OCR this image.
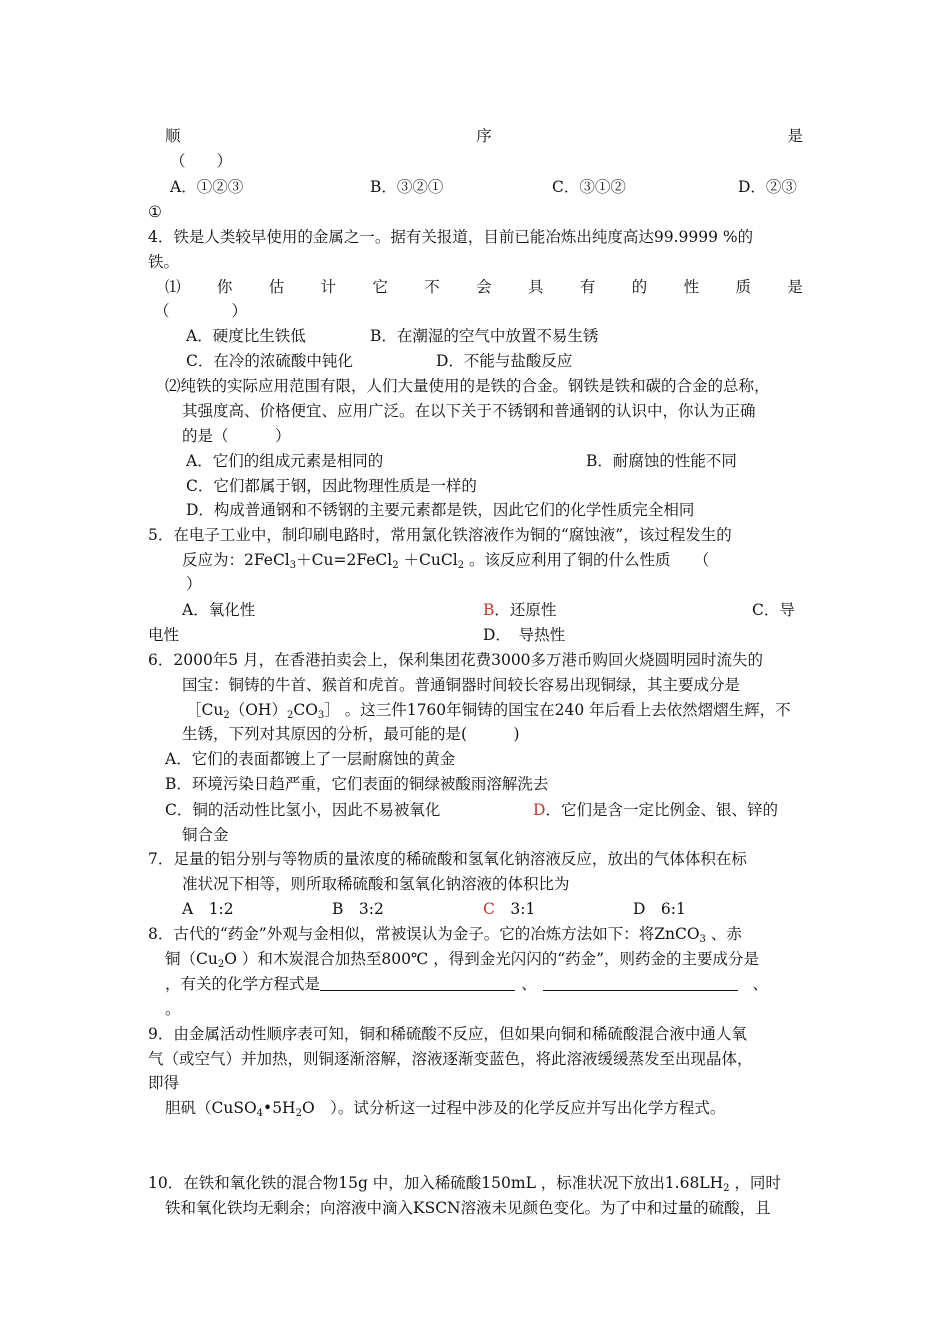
顺	序	是
（　　）
A．①②③	B．③②①	C．③①②	D．②③
①
4．铁是人类较早使用的金属之一。据有关报道，目前已能冶炼出纯度高达99.9999 %的
铁。
⑴ 你 估 计 它 不 会 具 有 的 性 质 是
（　　　　）
A．硬度比生铁低	B．在潮湿的空气中放置不易生锈
C．在冷的浓硫酸中钝化	D．不能与盐酸反应
⑵纯铁的实际应用范围有限，人们大量使用的是铁的合金。钢铁是铁和碳的合金的总称，
其强度高、价格便宜、应用广泛。在以下关于不锈钢和普通钢的认识中，你认为正确
的是（　　　）
A．它们的组成元素是相同的	B．耐腐蚀的性能不同
C．它们都属于钢，因此物理性质是一样的
D．构成普通钢和不锈钢的主要元素都是铁，因此它们的化学性质完全相同
5．在电子工业中，制印刷电路时，常用氯化铁溶液作为铜的“腐蚀液”，该过程发生的
反应为：2FeCl$_3$＋Cu=2FeCl$_2$ ＋CuCl$_2$ 。该反应利用了铜的什么性质　　（
）
A．氧化性	B．还原性	C．导
电性	D．　导热性
6．2000年5 月，在香港拍卖会上，保利集团花费3000多万港币购回火烧圆明园时流失的
国宝：铜铸的牛首、猴首和虎首。普通铜器时间较长容易出现铜绿，其主要成分是
$[Cu_2(OH)_2CO_3]$ 。这三件1760年铜铸的国宝在240 年后看上去依然熠熠生辉，不
生锈，下列对其原因的分析，最可能的是(　　　)
A．它们的表面都镀上了一层耐腐蚀的黄金
B．环境污染日趋严重，它们表面的铜绿被酸雨溶解洗去
C．铜的活动性比氢小，因此不易被氧化	D．它们是含一定比例金、银、锌的
铜合金
7．足量的铝分别与等物质的量浓度的稀硫酸和氢氧化钠溶液反应，放出的气体体积在标
准状况下相等，则所取稀硫酸和氢氧化钠溶液的体积比为
A　1:2	B　3:2	C　3:1	D　6:1
8．古代的“药金”外观与金相似，常被误认为金子。它的冶炼方法如下：将ZnCO$_3$ 、赤
铜（$Cu_2O$ ）和木炭混合加热至800℃ ，得到金光闪闪的“药金”，则药金的主要成分是
，有关的化学方程式是	、	、
。
9．由金属活动性顺序表可知，铜和稀硫酸不反应，但如果向铜和稀硫酸混合液中通人氧
气（或空气）并加热，则铜逐渐溶解，溶液逐渐变蓝色，将此溶液缓缓蒸发至出现晶体，
即得
胆矾（$CuSO_4•5H_2O$　）。试分析这一过程中涉及的化学反应并写出化学方程式。
10．在铁和氧化铁的混合物15g 中，加入稀硫酸150mL ，标准状况下放出$1.68LH_2$ ，同时
铁和氧化铁均无剩余；向溶液中滴入KSCN溶液未见颜色变化。为了中和过量的硫酸，且
